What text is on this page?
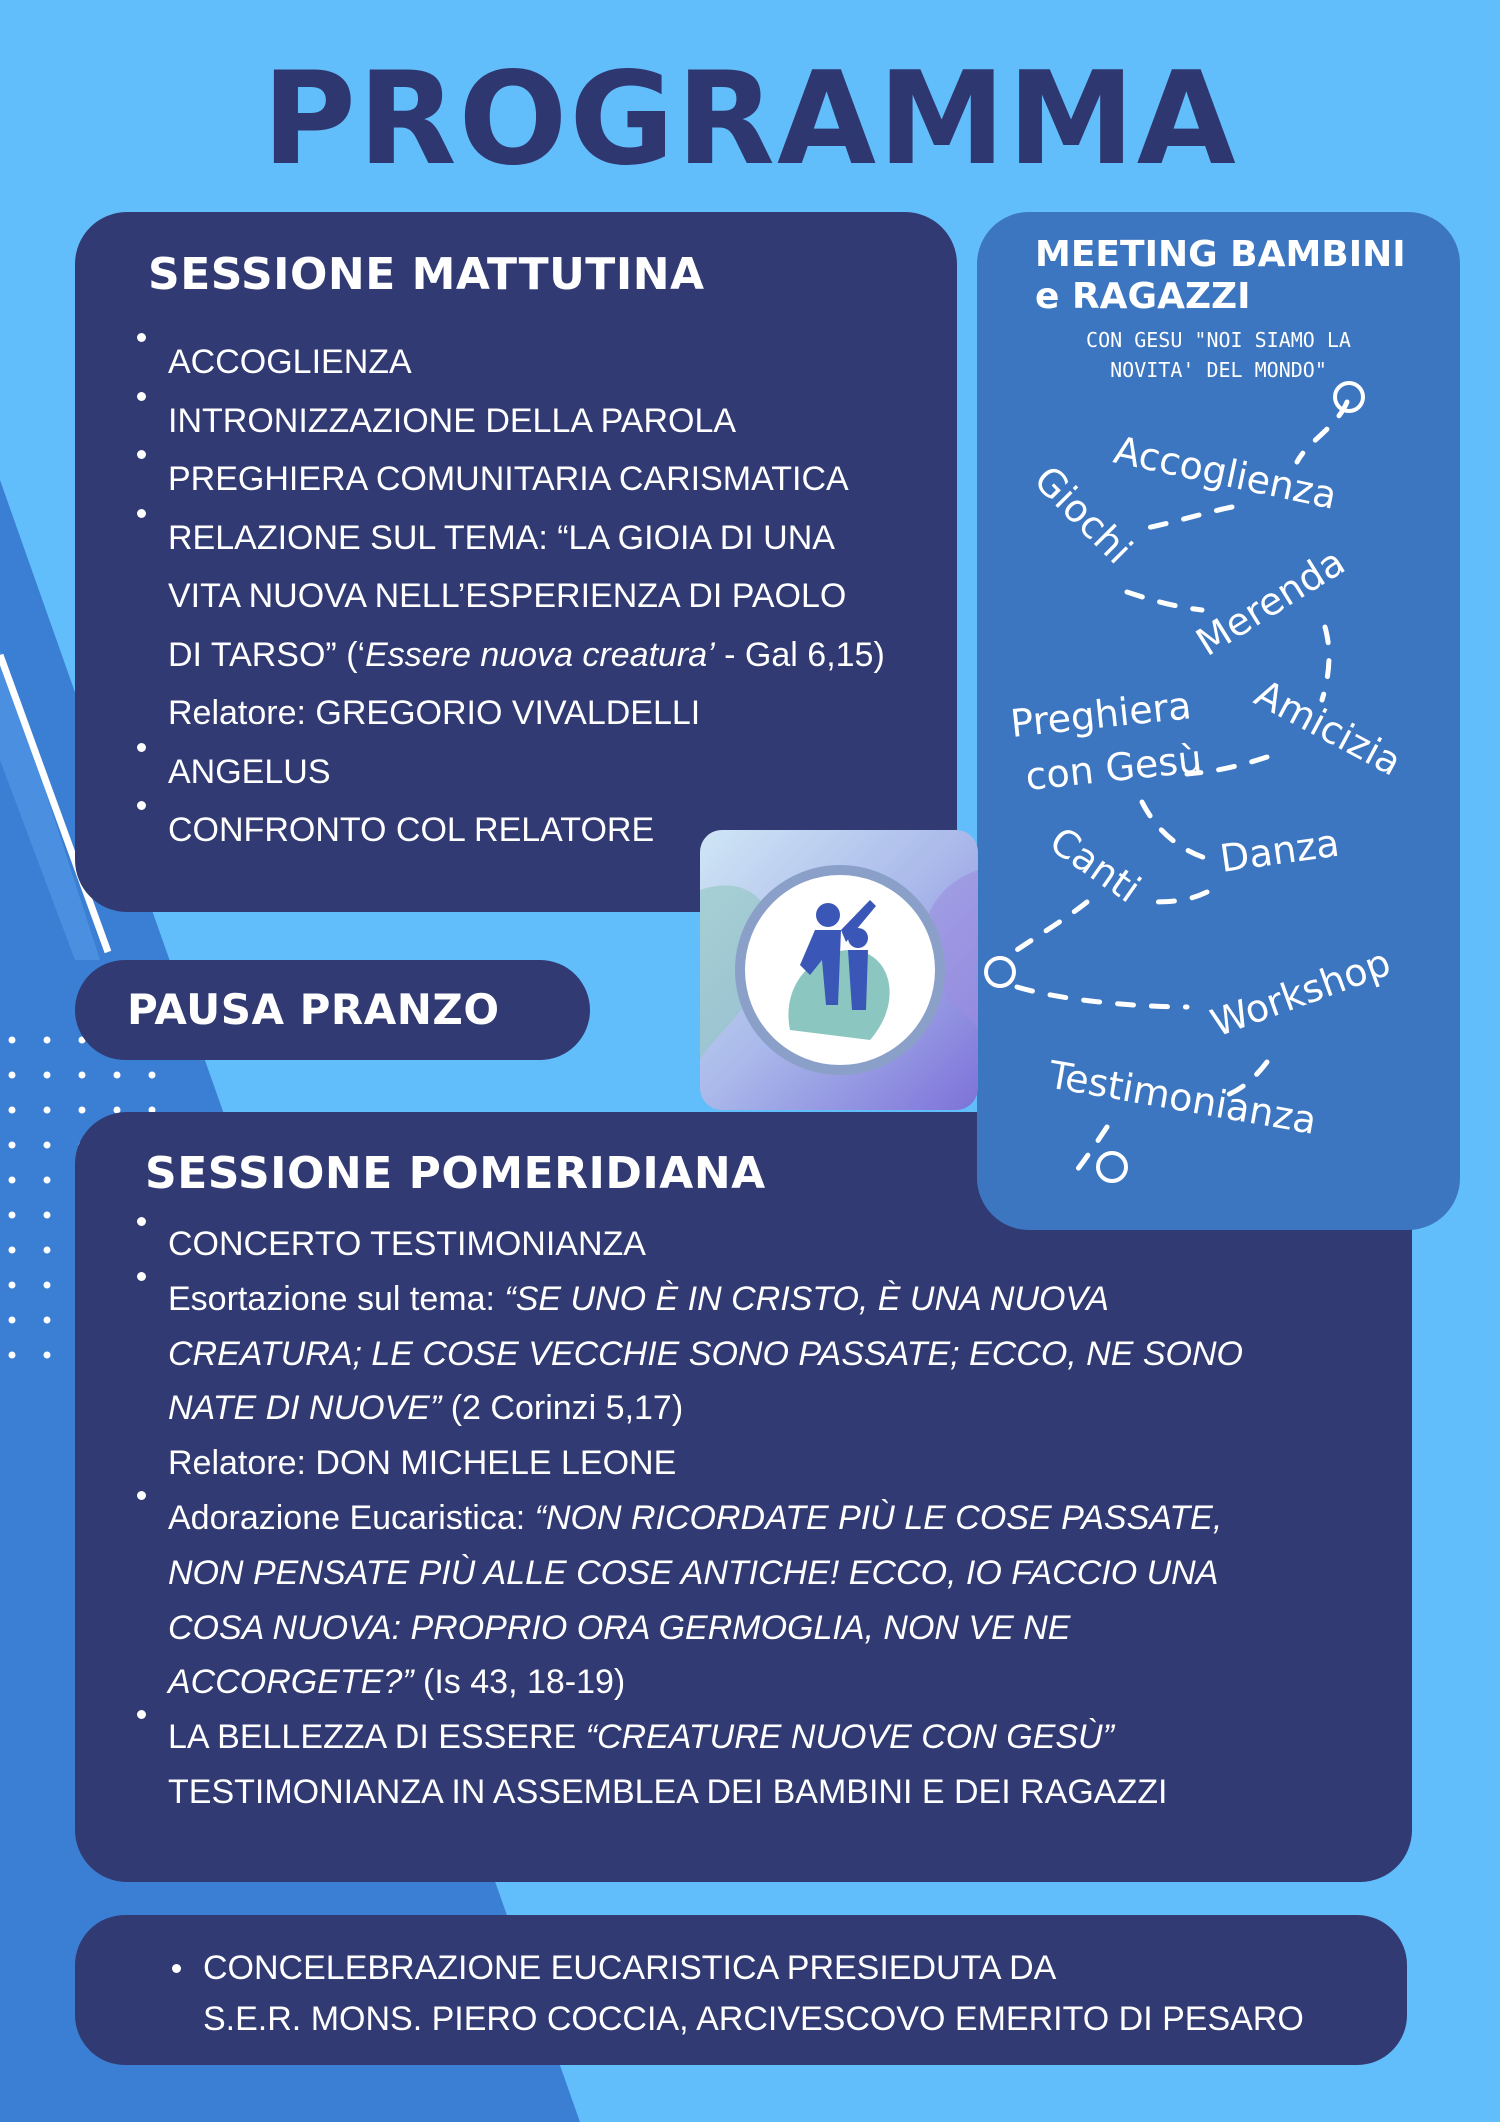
PROGRAMMA
SESSIONE MATTUTINA
ACCOGLIENZA
INTRONIZZAZIONE DELLA PAROLA
PREGHIERA COMUNITARIA CARISMATICA
RELAZIONE SUL TEMA: “LA GIOIA DI UNA
VITA NUOVA NELL’ESPERIENZA DI PAOLO
DI TARSO” (‘Essere nuova creatura’ - Gal 6,15)
Relatore: GREGORIO VIVALDELLI
ANGELUS
CONFRONTO COL RELATORE
PAUSA PRANZO
SESSIONE POMERIDIANA
CONCERTO TESTIMONIANZA
Esortazione sul tema: “SE UNO È IN CRISTO, È UNA NUOVA
CREATURA; LE COSE VECCHIE SONO PASSATE; ECCO, NE SONO
NATE DI NUOVE” (2 Corinzi 5,17)
Relatore: DON MICHELE LEONE
Adorazione Eucaristica: “NON RICORDATE PIÙ LE COSE PASSATE,
NON PENSATE PIÙ ALLE COSE ANTICHE! ECCO, IO FACCIO UNA
COSA NUOVA: PROPRIO ORA GERMOGLIA, NON VE NE
ACCORGETE?” (Is 43, 18-19)
LA BELLEZZA DI ESSERE “CREATURE NUOVE CON GESÙ”
TESTIMONIANZA IN ASSEMBLEA DEI BAMBINI E DEI RAGAZZI
CONCELEBRAZIONE EUCARISTICA PRESIEDUTA DA
S.E.R. MONS. PIERO COCCIA, ARCIVESCOVO EMERITO DI PESARO
MEETING BAMBINI
e RAGAZZI
CON GESU "NOI SIAMO LA
NOVITA' DEL MONDO"
Accoglienza
Giochi
Merenda
Preghiera
con Gesù Amicizia
Canti Danza
Workshop
Testimonianza
